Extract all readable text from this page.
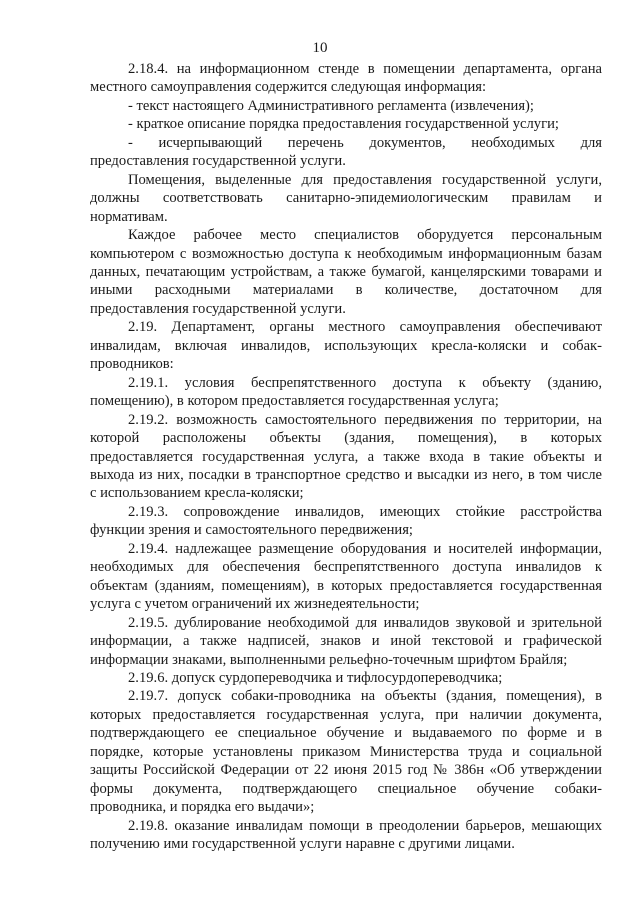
10
2.18.4. на информационном стенде в помещении департамента, органа
местного самоуправления содержится следующая информация:
- текст настоящего Административного регламента (извлечения);
- краткое описание порядка предоставления государственной услуги;
- исчерпывающий перечень документов, необходимых для
предоставления государственной услуги.
Помещения, выделенные для предоставления государственной услуги,
должны соответствовать санитарно-эпидемиологическим правилам и
нормативам.
Каждое рабочее место специалистов оборудуется персональным
компьютером с возможностью доступа к необходимым информационным базам
данных, печатающим устройствам, а также бумагой, канцелярскими товарами и
иными расходными материалами в количестве, достаточном для
предоставления государственной услуги.
2.19. Департамент, органы местного самоуправления обеспечивают
инвалидам, включая инвалидов, использующих кресла-коляски и собак-
проводников:
2.19.1. условия беспрепятственного доступа к объекту (зданию,
помещению), в котором предоставляется государственная услуга;
2.19.2. возможность самостоятельного передвижения по территории, на
которой расположены объекты (здания, помещения), в которых
предоставляется государственная услуга, а также входа в такие объекты и
выхода из них, посадки в транспортное средство и высадки из него, в том числе
с использованием кресла-коляски;
2.19.3. сопровождение инвалидов, имеющих стойкие расстройства
функции зрения и самостоятельного передвижения;
2.19.4. надлежащее размещение оборудования и носителей информации,
необходимых для обеспечения беспрепятственного доступа инвалидов к
объектам (зданиям, помещениям), в которых предоставляется государственная
услуга с учетом ограничений их жизнедеятельности;
2.19.5. дублирование необходимой для инвалидов звуковой и зрительной
информации, а также надписей, знаков и иной текстовой и графической
информации знаками, выполненными рельефно-точечным шрифтом Брайля;
2.19.6. допуск сурдопереводчика и тифлосурдопереводчика;
2.19.7. допуск собаки-проводника на объекты (здания, помещения), в
которых предоставляется государственная услуга, при наличии документа,
подтверждающего ее специальное обучение и выдаваемого по форме и в
порядке, которые установлены приказом Министерства труда и социальной
защиты Российской Федерации от 22 июня 2015 год № 386н «Об утверждении
формы документа, подтверждающего специальное обучение собаки-
проводника, и порядка его выдачи»;
2.19.8. оказание инвалидам помощи в преодолении барьеров, мешающих
получению ими государственной услуги наравне с другими лицами.
